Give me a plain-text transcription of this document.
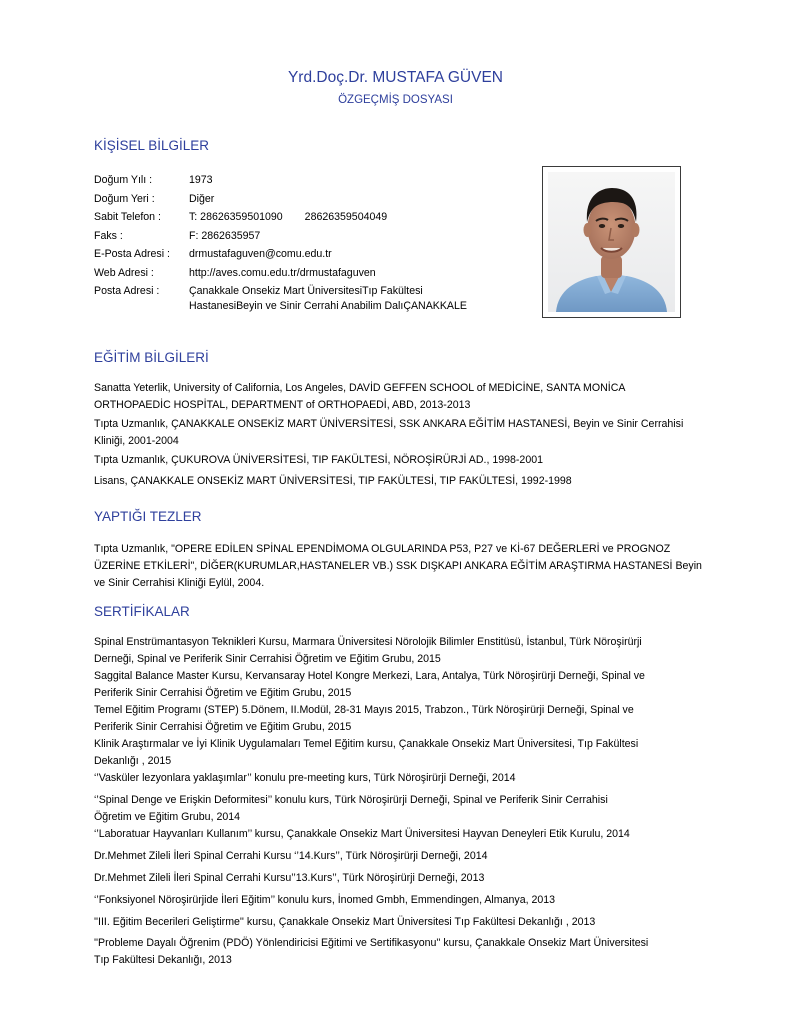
Yrd.Doç.Dr. MUSTAFA GÜVEN
ÖZGEÇMİŞ DOSYASI
KİŞİSEL BİLGİLER
Doğum Yılı :	1973
Doğum Yeri :	Diğer
Sabit Telefon :	T: 28626359501090 28626359504049
Faks :	F: 2862635957
E-Posta Adresi :	drmustafaguven@comu.edu.tr
Web Adresi :	http://aves.comu.edu.tr/drmustafaguven
Posta Adresi :	Çanakkale Onsekiz Mart ÜniversitesiTıp Fakültesi
HastanesiBeyin ve Sinir Cerrahi Anabilim DalıÇANAKKALE
EĞİTİM BİLGİLERİ
Sanatta Yeterlik, University of California, Los Angeles, DAVİD GEFFEN SCHOOL of MEDİCİNE, SANTA MONİCA
ORTHOPAEDİC HOSPİTAL, DEPARTMENT of ORTHOPAEDİ, ABD, 2013-2013
Tıpta Uzmanlık, ÇANAKKALE ONSEKİZ MART ÜNİVERSİTESİ, SSK ANKARA EĞİTİM HASTANESİ, Beyin ve Sinir Cerrahisi
Kliniği, 2001-2004
Tıpta Uzmanlık, ÇUKUROVA ÜNİVERSİTESİ, TIP FAKÜLTESİ, NÖROŞİRÜRJİ AD., 1998-2001
Lisans, ÇANAKKALE ONSEKİZ MART ÜNİVERSİTESİ, TIP FAKÜLTESİ, TIP FAKÜLTESİ, 1992-1998
YAPTIĞI TEZLER
Tıpta Uzmanlık, "OPERE EDİLEN SPİNAL EPENDİMOMA OLGULARINDA P53, P27 ve Kİ-67 DEĞERLERİ ve PROGNOZ
ÜZERİNE ETKİLERİ", DİĞER(KURUMLAR,HASTANELER VB.) SSK DIŞKAPI ANKARA EĞİTİM ARAŞTIRMA HASTANESİ Beyin
ve Sinir Cerrahisi Kliniği Eylül, 2004.
SERTİFİKALAR
Spinal Enstrümantasyon Teknikleri Kursu, Marmara Üniversitesi Nörolojik Bilimler Enstitüsü, İstanbul, Türk Nöroşirürji
Derneği, Spinal ve Periferik Sinir Cerrahisi Öğretim ve Eğitim Grubu, 2015
Saggital Balance Master Kursu, Kervansaray Hotel Kongre Merkezi, Lara, Antalya, Türk Nöroşirürji Derneği, Spinal ve
Periferik Sinir Cerrahisi Öğretim ve Eğitim Grubu, 2015
Temel Eğitim Programı (STEP) 5.Dönem, II.Modül, 28-31 Mayıs 2015, Trabzon., Türk Nöroşirürji Derneği, Spinal ve
Periferik Sinir Cerrahisi Öğretim ve Eğitim Grubu, 2015
Klinik Araştırmalar ve İyi Klinik Uygulamaları Temel Eğitim kursu, Çanakkale Onsekiz Mart Üniversitesi, Tıp Fakültesi
Dekanlığı , 2015
‘’Vasküler lezyonlara yaklaşımlar’’ konulu pre-meeting kurs, Türk Nöroşirürji Derneği, 2014
‘’Spinal Denge ve Erişkin Deformitesi’’ konulu kurs, Türk Nöroşirürji Derneği, Spinal ve Periferik Sinir Cerrahisi
Öğretim ve Eğitim Grubu, 2014
‘’Laboratuar Hayvanları Kullanım’’ kursu, Çanakkale Onsekiz Mart Üniversitesi Hayvan Deneyleri Etik Kurulu, 2014
Dr.Mehmet Zileli İleri Spinal Cerrahi Kursu ‘’14.Kurs’’, Türk Nöroşirürji Derneği, 2014
Dr.Mehmet Zileli İleri Spinal Cerrahi Kursu’’13.Kurs’’, Türk Nöroşirürji Derneği, 2013
‘’Fonksiyonel Nöroşirürjide İleri Eğitim’’ konulu kurs, İnomed Gmbh, Emmendingen, Almanya, 2013
''III. Eğitim Becerileri Geliştirme'' kursu, Çanakkale Onsekiz Mart Üniversitesi Tıp Fakültesi Dekanlığı , 2013
''Probleme Dayalı Öğrenim (PDÖ) Yönlendiricisi Eğitimi ve Sertifikasyonu'' kursu, Çanakkale Onsekiz Mart Üniversitesi
Tıp Fakültesi Dekanlığı, 2013
